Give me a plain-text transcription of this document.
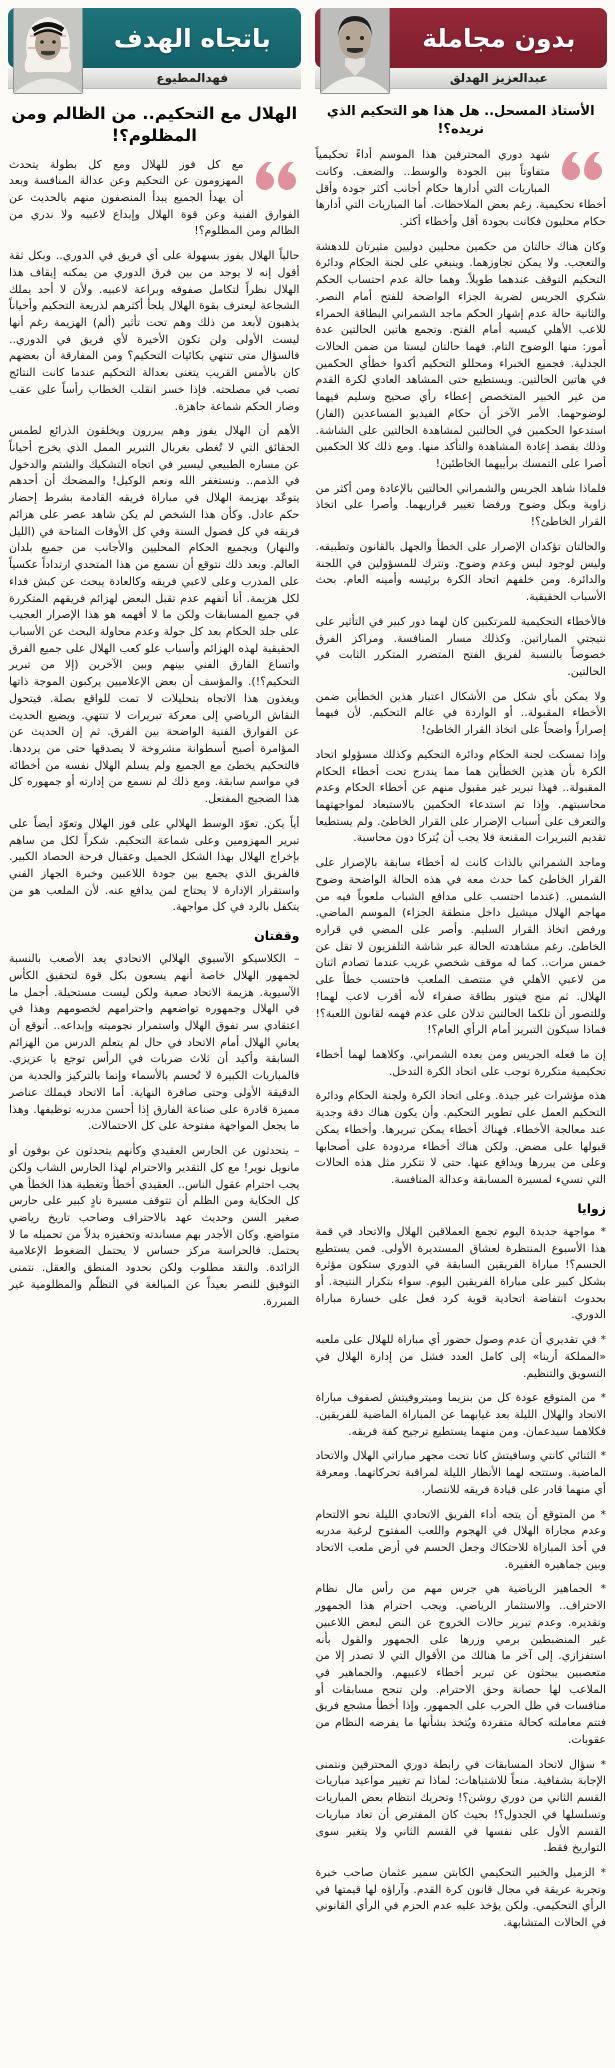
بدون مجاملة
عبدالعزيز الهدلق
الأستاذ المسحل.. هل هذا هو التحكيم الذي نريده؟!

شهد دوري المحترفين هذا الموسم أداءً تحكيمياً متفاوتاً بين الجودة والوسط.. والضعف. وكانت المباريات التي أدارها حكام أجانب أكثر جودة وأقل أخطاء تحكيمية. رغم بعض الملاحظات. أما المباريات التي أدارها حكام محليون فكانت بجودة أقل وأخطاء أكثر.

وكان هناك حالتان من حكمين محليين دوليين مثيرتان للدهشة والتعجب. ولا يمكن تجاوزهما. وينبغي على لجنة الحكام ودائرة التحكيم التوقف عندهما طويلاً. وهما حالة عدم احتساب الحكم شكري الجريس لضربة الجزاء الواضحة للفتح أمام النصر. والثانية حالة عدم إشهار الحكم ماجد الشمراني البطاقة الحمراء للاعب الأهلي كيسيه أمام الفتح. وتجمع هاتين الحالتين عدة أمور: منها الوضوح التام. فهما حالتان ليستا من ضمن الحالات الجدلية. فجميع الخبراء ومحللو التحكيم أكدوا خطأي الحكمين في هاتين الحالتين. ويستطيع حتى المشاهد العادي لكرة القدم من غير الخبير المتخصص إعطاء رأي صحيح وسليم فيهما لوضوحهما. الأمر الآخر أن حكام الفيديو المساعدين (الفار) استدعوا الحكمين في الحالتين لمشاهدة الحالتين على الشاشة. وذلك بقصد إعادة المشاهدة والتأكد منها. ومع ذلك كلا الحكمين أصرا على التمسك برأييهما الخاطئين!

فلماذا شاهد الجريس والشمراني الحالتين بالإعادة ومن أكثر من زاوية وبكل وضوح ورفضا تغيير قراريهما. وأصرا على اتخاذ القرار الخاطئ؟!

والحالتان تؤكدان الإصرار على الخطأ والجهل بالقانون وتطبيقه. وليس لوجود لبس وعدم وضوح. ونترك للمسؤولين في اللجنة والدائرة. ومن خلفهم اتحاد الكرة برئيسه وأمينه العام. بحث الأسباب الحقيقية.

فالأخطاء التحكيمية للمرتكبين كان لهما دور كبير في التأثير على نتيجتي المباراتين. وكذلك مسار المنافسة. ومراكز الفرق خصوصاً بالنسبة لفريق الفتح المتضرر المتكرر الثابت في الحالتين.

ولا يمكن بأي شكل من الأشكال اعتبار هذين الخطأين ضمن الأخطاء المقبولة.. أو الواردة في عالم التحكيم. لأن فيهما إصراراً واضحاً على اتخاذ القرار الخاطئ!

وإذا تمسكت لجنة الحكام ودائرة التحكيم وكذلك مسؤولو اتحاد الكرة بأن هذين الخطأين هما مما يندرج تحت أخطاء الحكام المقبولة.. فهذا تبرير غير مقبول منهم عن أخطاء الحكام وعدم محاسبتهم. وإذا تم استدعاء الحكمين بالاستبعاد لمواجهتهما والتعرف على أسباب الإصرار على القرار الخاطئ. ولم يستطيعا تقديم التبريرات المقنعة فلا يجب أن يُتركا دون محاسبة.

وماجد الشمراني بالذات كانت له أخطاء سابقة بالإصرار على القرار الخاطئ كما حدث معه في هذه الحالة الواضحة وضوح الشمس. (عندما احتسب على مدافع الشباب ملعوباً فيه من مهاجم الهلال ميشيل داخل منطقة الجزاء) الموسم الماضي. ورفض اتخاذ القرار السليم. وأصر على المضي في قراره الخاطئ. رغم مشاهدته الحالة عبر شاشة التلفزيون لا تقل عن خمس مرات.. كما له موقف شخصي غريب عندما تصادم اثنان من لاعبي الأهلي في منتصف الملعب فاحتسب خطأ على الهلال. ثم منح فيتور بطاقة صفراء لأنه أقرب لاعب لهما! وللتصور أن تلكما الحالتين تدلان على عدم فهمه لقانون اللعبة؟! فماذا سيكون التبرير أمام الرأي العام؟!

إن ما فعله الجريس ومن بعده الشمراني. وكلاهما لهما أخطاء تحكيمية متكررة توجب على اتحاد الكرة التدخل.

هذه مؤشرات غير جيدة. وعلى اتحاد الكرة ولجنة الحكام ودائرة التحكيم العمل على تطوير التحكيم. وأن يكون هناك دقة وجدية عند معالجة الأخطاء. فهناك أخطاء يمكن تبريرها. وأخطاء يمكن قبولها على مضض. ولكن هناك أخطاء مردودة على أصحابها وعلى من يبررها ويدافع عنها. حتى لا تتكرر مثل هذه الحالات التي تسيء لمسيرة المسابقة وعدالة المنافسة.

زوايا

* مواجهة جديدة اليوم تجمع العملاقين الهلال والاتحاد في قمة هذا الأسبوع المنتظرة لعشاق المستديرة الأولى. فمن يستطيع الحسم؟! مباراة الفريقين السابقة في الدوري ستكون مؤثرة بشكل كبير على مباراة الفريقين اليوم. سواء بتكرار النتيجة. أو بحدوث انتفاضة اتحادية قوية كرد فعل على خسارة مباراة الدوري.

* في تقديري أن عدم وصول حضور أي مباراة للهلال على ملعبه «المملكة أرينا» إلى كامل العدد فشل من إدارة الهلال في التسويق والتنظيم.

* من المتوقع عودة كل من بنزيما وميتروفيتش لصفوف مباراة الاتحاد والهلال الليلة بعد غيابهما عن المباراة الماضية للفريقين. فكلاهما سيدعمان. ومن منهما يستطيع ترجيح كفة فريقه.

* الثنائي كانتي وسافيتش كانا تحت مجهر مباراتي الهلال والاتحاد الماضية. وستتجه لهما الأنظار الليلة لمراقبة تحركاتهما. ومعرفة أي منهما قادر على قيادة فريقه للانتصار.

* من المتوقع أن يتجه أداء الفريق الاتحادي الليلة نحو الالتحام وعدم مجاراة الهلال في الهجوم واللعب المفتوح لرغبة مدربه في أخذ المباراة للاحتكاك وجعل الحسم في أرض ملعب الاتحاد وبين جماهيره الغفيرة.

* الجماهير الرياضية هي جرس مهم من رأس مال نظام الاحتراف.. والاستثمار الرياضي. ويجب احترام هذا الجمهور وتقديره. وعدم تبرير حالات الخروج عن النص لبعض اللاعبين غير المنضبطين برمي وزرها على الجمهور والقول بأنه استفزازي. إلى آخر ما هنالك من الأقوال التي لا تصدر إلا من متعصبين يبحثون عن تبرير أخطاء لاعبيهم. والجماهير في الملاعب لها حصانة وحق الاحترام. ولن تنجح مسابقات أو منافسات في ظل الحرب على الجمهور. وإذا أخطأ مشجع فريق فتتم معاملته كحالة متفردة ويُتخذ بشأنها ما يفرضه النظام من عقوبات.

* سؤال لاتحاد المسابقات في رابطة دوري المحترفين ونتمنى الإجابة بشفافية. منعاً للاشتباهات: لماذا تم تغيير مواعيد مباريات القسم الثاني من دوري روشن؟! وتحريك انتظام بعض المباريات وتسلسلها في الجدول؟! بحيث كان المفترض أن تعاد مباريات القسم الأول على نفسها في القسم الثاني ولا يتغير سوى التواريخ فقط.

* الزميل والخبير التحكيمي الكابتن سمير عثمان صاحب خبرة وتجربة عريقة في مجال قانون كرة القدم. وآراؤه لها قيمتها في الرأي التحكيمي. ولكن يؤخذ عليه عدم الحزم في الرأي القانوني في الحالات المتشابهة.

باتجاه الهدف
فهدالمطيوع
الهلال مع التحكيم.. من الظالم ومن المظلوم؟!

مع كل فوز للهلال ومع كل بطولة يتحدث المهزومون عن التحكيم وعن عدالة المنافسة وبعد أن يهدأ الجميع يبدأ المنصفون منهم بالحديث عن الفوارق الفنية وعن قوة الهلال وإبداع لاعبيه ولا ندري من الظالم ومن المظلوم؟!

حالياً الهلال يفوز بسهولة على أي فريق في الدوري.. وبكل ثقة أقول إنه لا يوجد من بين فرق الدوري من يمكنه إيقاف هذا الهلال نظراً لتكامل صفوفه وبراعة لاعبيه. ولأن لا أحد يملك الشجاعة ليعترف بقوة الهلال يلجأ أكثرهم لذريعة التحكيم وأحياناً يذهبون لأبعد من ذلك وهم تحت تأثير (ألم) الهزيمة رغم أنها ليست الأولى ولن تكون الأخيرة لأي فريق في الدوري.. فالسؤال متى تنتهي بكائيات التحكيم؟ ومن المفارقة أن بعضهم كان بالأمس القريب يتغنى بعدالة التحكيم عندما كانت النتائج تصب في مصلحته. فإذا خسر انقلب الخطاب رأساً على عقب وصار الحكم شماعة جاهزة.

الأهم أن الهلال يفوز وهم يبررون ويخلقون الذرائع لطمس الحقائق التي لا تُغطى بغربال التبرير الممل الذي يخرج أحياناً عن مساره الطبيعي ليسير في اتجاه التشكيك والشتم والدخول في الذمم.. ونستغفر الله ونعم الوكيل! والمضحك أن أحدهم يتوعّد بهزيمة الهلال في مباراة فريقه القادمة بشرط إحضار حكم عادل. وكأن هذا الشخص لم يكن شاهد عصر على هزائم فريقه في كل فصول السنة وفي كل الأوقات المتاحة في (الليل والنهار) وبجميع الحكام المحليين والأجانب من جميع بلدان العالم. وبعد ذلك نتوقع أن نسمع من هذا المتحدي ارتداداً عكسياً على المدرب وعلى لاعبي فريقه وكالعادة يبحث عن كبش فداء لكل هزيمة. أنا أتفهم عدم تقبل البعض لهزائم فريقهم المتكررة في جميع المسابقات ولكن ما لا أفهمه هو هذا الإصرار العجيب على جلد الحكام بعد كل جولة وعدم محاولة البحث عن الأسباب الحقيقية لهذه الهزائم وأسباب علو كعب الهلال على جميع الفرق واتساع الفارق الفني بينهم وبين الآخرين (إلا من تبرير التحكيم؟!). والمؤسف أن بعض الإعلاميين يركبون الموجة ذاتها ويغذون هذا الاتجاه بتحليلات لا تمت للواقع بصلة. فيتحول النقاش الرياضي إلى معركة تبريرات لا تنتهي. ويضيع الحديث عن الفوارق الفنية الواضحة بين الفرق. ثم إن الحديث عن المؤامرة أصبح أسطوانة مشروخة لا يصدقها حتى من يرددها. فالتحكيم يخطئ مع الجميع ولم يسلم الهلال نفسه من أخطائه في مواسم سابقة. ومع ذلك لم نسمع من إدارته أو جمهوره كل هذا الضجيج المفتعل.

أياً يكن. تعوّد الوسط الهلالي على فوز الهلال وتعوّد أيضاً على تبرير المهزومين وعلى شماعة التحكيم. شكراً لكل من ساهم بإخراج الهلال بهذا الشكل الجميل وعقبال فرحة الحصاد الكبير. فالفريق الذي يجمع بين جودة اللاعبين وخبرة الجهاز الفني واستقرار الإدارة لا يحتاج لمن يدافع عنه. لأن الملعب هو من يتكفل بالرد في كل مواجهة.

وقفتان

– الكلاسيكو الآسيوي الهلالي الاتحادي يعد الأصعب بالنسبة لجمهور الهلال خاصة أنهم يسعون بكل قوة لتحقيق الكأس الآسيوية. هزيمة الاتحاد صعبة ولكن ليست مستحيلة. أجمل ما في الهلال وجمهوره تواضعهم واحترامهم لخصومهم وهذا في اعتقادي سر تفوق الهلال واستمرار نجوميته وإبداعه.. أتوقع أن يعاني الهلال أمام الاتحاد في حال لم يتعلم الدرس من الهزائم السابقة وأكيد أن ثلاث ضربات في الرأس توجع يا عزيزي. فالمباريات الكبيرة لا تُحسم بالأسماء وإنما بالتركيز والجدية من الدقيقة الأولى وحتى صافرة النهاية. أما الاتحاد فيملك عناصر مميزة قادرة على صناعة الفارق إذا أحسن مدربه توظيفها. وهذا ما يجعل المواجهة مفتوحة على كل الاحتمالات.

– يتحدثون عن الحارس العقيدي وكأنهم يتحدثون عن بوفون أو مانويل نوير! مع كل التقدير والاحترام لهذا الحارس الشاب ولكن يجب احترام عقول الناس.. العقيدي أخطأ وتغطية هذا الخطأ هي كل الحكاية ومن الظلم أن تتوقف مسيرة نادٍ كبير على حارس صغير السن وحديث عهد بالاحتراف وصاحب تاريخ رياضي متواضع. وكان الأجدر بهم مساندته وتحفيزه بدلاً من تحميله ما لا يحتمل. فالحراسة مركز حساس لا يحتمل الضغوط الإعلامية الزائدة. والنقد مطلوب ولكن بحدود المنطق والعقل. نتمنى التوفيق للنصر بعيداً عن المبالغة في التظلّم والمظلومية غير المبررة.
